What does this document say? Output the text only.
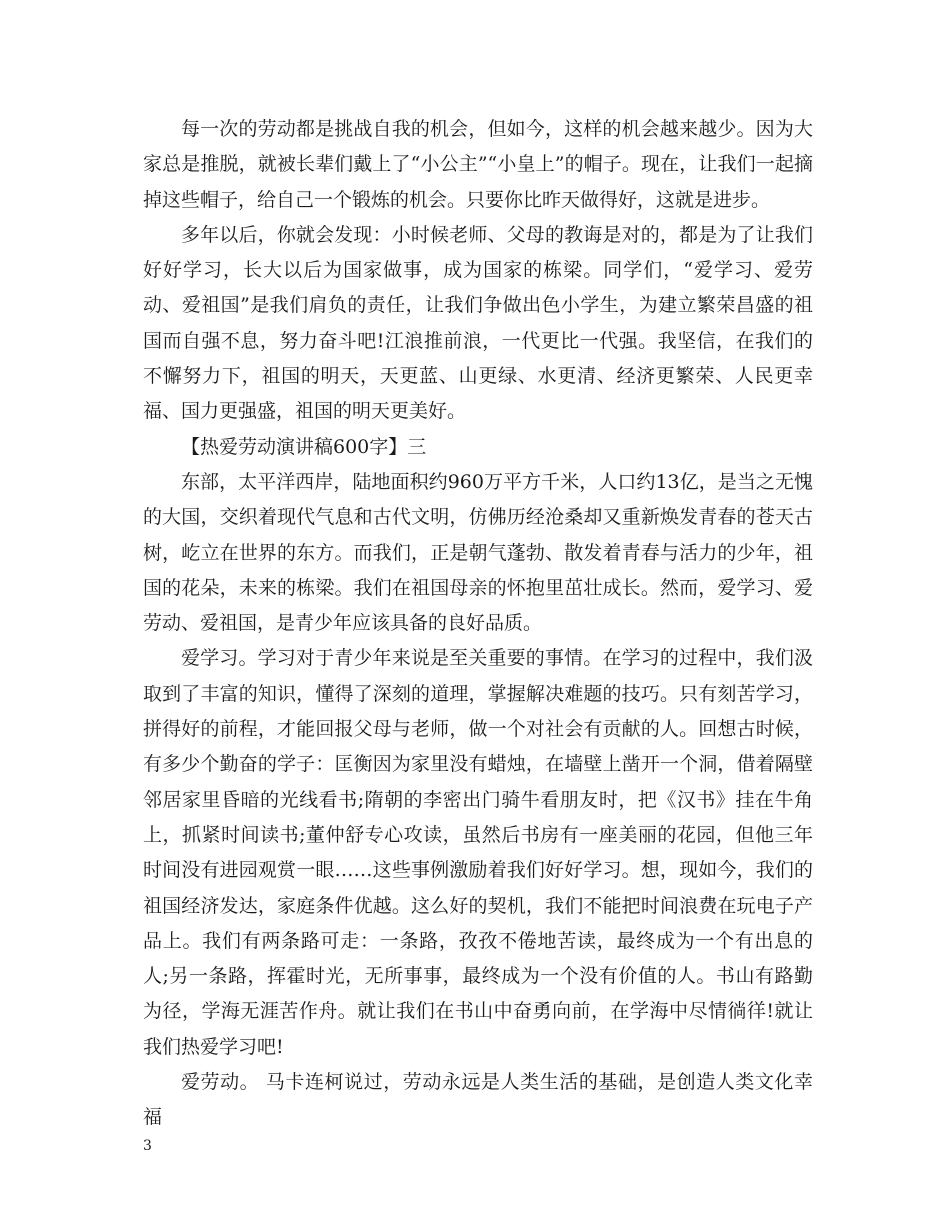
每一次的劳动都是挑战自我的机会，但如今，这样的机会越来越少。因为大家总是推脱，就被长辈们戴上了“小公主”“小皇上”的帽子。现在，让我们一起摘掉这些帽子，给自己一个锻炼的机会。只要你比昨天做得好，这就是进步。

多年以后，你就会发现：小时候老师、父母的教诲是对的，都是为了让我们好好学习，长大以后为国家做事，成为国家的栋梁。同学们，“爱学习、爱劳动、爱祖国”是我们肩负的责任，让我们争做出色小学生，为建立繁荣昌盛的祖国而自强不息，努力奋斗吧!江浪推前浪，一代更比一代强。我坚信，在我们的不懈努力下，祖国的明天，天更蓝、山更绿、水更清、经济更繁荣、人民更幸福、国力更强盛，祖国的明天更美好。

【热爱劳动演讲稿600字】三

东部，太平洋西岸，陆地面积约960万平方千米，人口约13亿，是当之无愧的大国，交织着现代气息和古代文明，仿佛历经沧桑却又重新焕发青春的苍天古树，屹立在世界的东方。而我们，正是朝气蓬勃、散发着青春与活力的少年，祖国的花朵，未来的栋梁。我们在祖国母亲的怀抱里茁壮成长。然而，爱学习、爱劳动、爱祖国，是青少年应该具备的良好品质。

爱学习。学习对于青少年来说是至关重要的事情。在学习的过程中，我们汲取到了丰富的知识，懂得了深刻的道理，掌握解决难题的技巧。只有刻苦学习，拼得好的前程，才能回报父母与老师，做一个对社会有贡献的人。回想古时候，有多少个勤奋的学子：匡衡因为家里没有蜡烛，在墙壁上凿开一个洞，借着隔壁邻居家里昏暗的光线看书;隋朝的李密出门骑牛看朋友时，把《汉书》挂在牛角上，抓紧时间读书;董仲舒专心攻读，虽然后书房有一座美丽的花园，但他三年时间没有进园观赏一眼……这些事例激励着我们好好学习。想，现如今，我们的祖国经济发达，家庭条件优越。这么好的契机，我们不能把时间浪费在玩电子产品上。我们有两条路可走：一条路，孜孜不倦地苦读，最终成为一个有出息的人;另一条路，挥霍时光，无所事事，最终成为一个没有价值的人。书山有路勤为径，学海无涯苦作舟。就让我们在书山中奋勇向前，在学海中尽情徜徉!就让我们热爱学习吧!

爱劳动。 马卡连柯说过，劳动永远是人类生活的基础，是创造人类文化幸福

3
